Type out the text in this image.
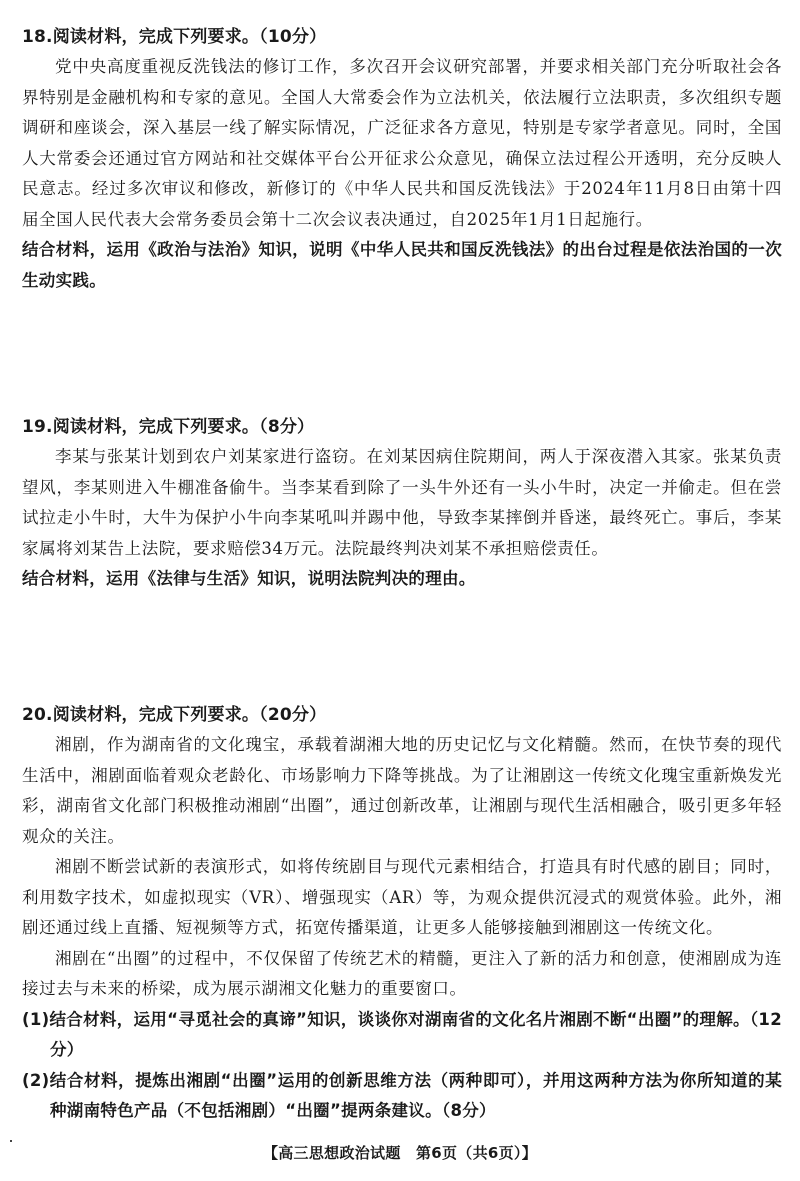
18.阅读材料，完成下列要求。（10分）

党中央高度重视反洗钱法的修订工作，多次召开会议研究部署，并要求相关部门充分听取社会各界特别是金融机构和专家的意见。全国人大常委会作为立法机关，依法履行立法职责，多次组织专题调研和座谈会，深入基层一线了解实际情况，广泛征求各方意见，特别是专家学者意见。同时，全国人大常委会还通过官方网站和社交媒体平台公开征求公众意见，确保立法过程公开透明，充分反映人民意志。经过多次审议和修改，新修订的《中华人民共和国反洗钱法》于2024年11月8日由第十四届全国人民代表大会常务委员会第十二次会议表决通过，自2025年1月1日起施行。

结合材料，运用《政治与法治》知识，说明《中华人民共和国反洗钱法》的出台过程是依法治国的一次生动实践。

19.阅读材料，完成下列要求。（8分）

李某与张某计划到农户刘某家进行盗窃。在刘某因病住院期间，两人于深夜潜入其家。张某负责望风，李某则进入牛棚准备偷牛。当李某看到除了一头牛外还有一头小牛时，决定一并偷走。但在尝试拉走小牛时，大牛为保护小牛向李某吼叫并踢中他，导致李某摔倒并昏迷，最终死亡。事后，李某家属将刘某告上法院，要求赔偿34万元。法院最终判决刘某不承担赔偿责任。

结合材料，运用《法律与生活》知识，说明法院判决的理由。

20.阅读材料，完成下列要求。（20分）

湘剧，作为湖南省的文化瑰宝，承载着湖湘大地的历史记忆与文化精髓。然而，在快节奏的现代生活中，湘剧面临着观众老龄化、市场影响力下降等挑战。为了让湘剧这一传统文化瑰宝重新焕发光彩，湖南省文化部门积极推动湘剧“出圈”，通过创新改革，让湘剧与现代生活相融合，吸引更多年轻观众的关注。

湘剧不断尝试新的表演形式，如将传统剧目与现代元素相结合，打造具有时代感的剧目；同时，利用数字技术，如虚拟现实（VR）、增强现实（AR）等，为观众提供沉浸式的观赏体验。此外，湘剧还通过线上直播、短视频等方式，拓宽传播渠道，让更多人能够接触到湘剧这一传统文化。

湘剧在“出圈”的过程中，不仅保留了传统艺术的精髓，更注入了新的活力和创意，使湘剧成为连接过去与未来的桥梁，成为展示湖湘文化魅力的重要窗口。

(1)结合材料，运用“寻觅社会的真谛”知识，谈谈你对湖南省的文化名片湘剧不断“出圈”的理解。（12分）

(2)结合材料，提炼出湘剧“出圈”运用的创新思维方法（两种即可），并用这两种方法为你所知道的某种湖南特色产品（不包括湘剧）“出圈”提两条建议。（8分）

【高三思想政治试题　第6页（共6页）】
